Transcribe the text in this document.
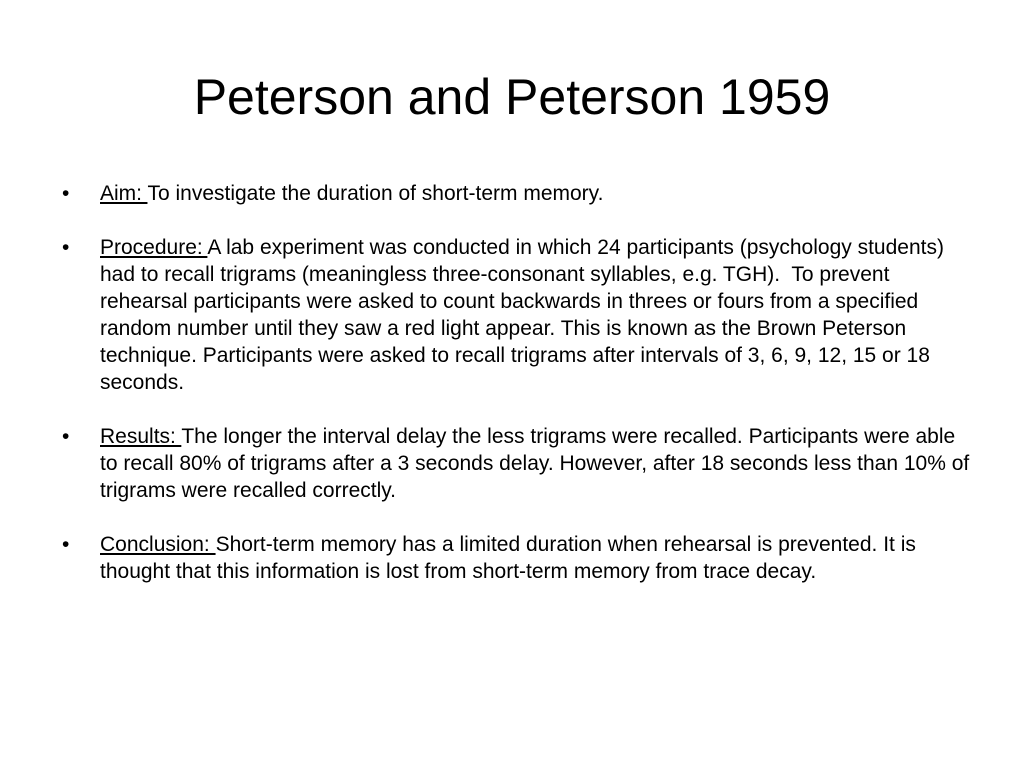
Peterson and Peterson 1959
•	Aim: To investigate the duration of short-term memory.
•	Procedure: A lab experiment was conducted in which 24 participants (psychology students) had to recall trigrams (meaningless three-consonant syllables, e.g. TGH).  To prevent rehearsal participants were asked to count backwards in threes or fours from a specified random number until they saw a red light appear. This is known as the Brown Peterson technique. Participants were asked to recall trigrams after intervals of 3, 6, 9, 12, 15 or 18 seconds.
•	Results: The longer the interval delay the less trigrams were recalled. Participants were able to recall 80% of trigrams after a 3 seconds delay. However, after 18 seconds less than 10% of trigrams were recalled correctly.
•	Conclusion: Short-term memory has a limited duration when rehearsal is prevented. It is thought that this information is lost from short-term memory from trace decay.
